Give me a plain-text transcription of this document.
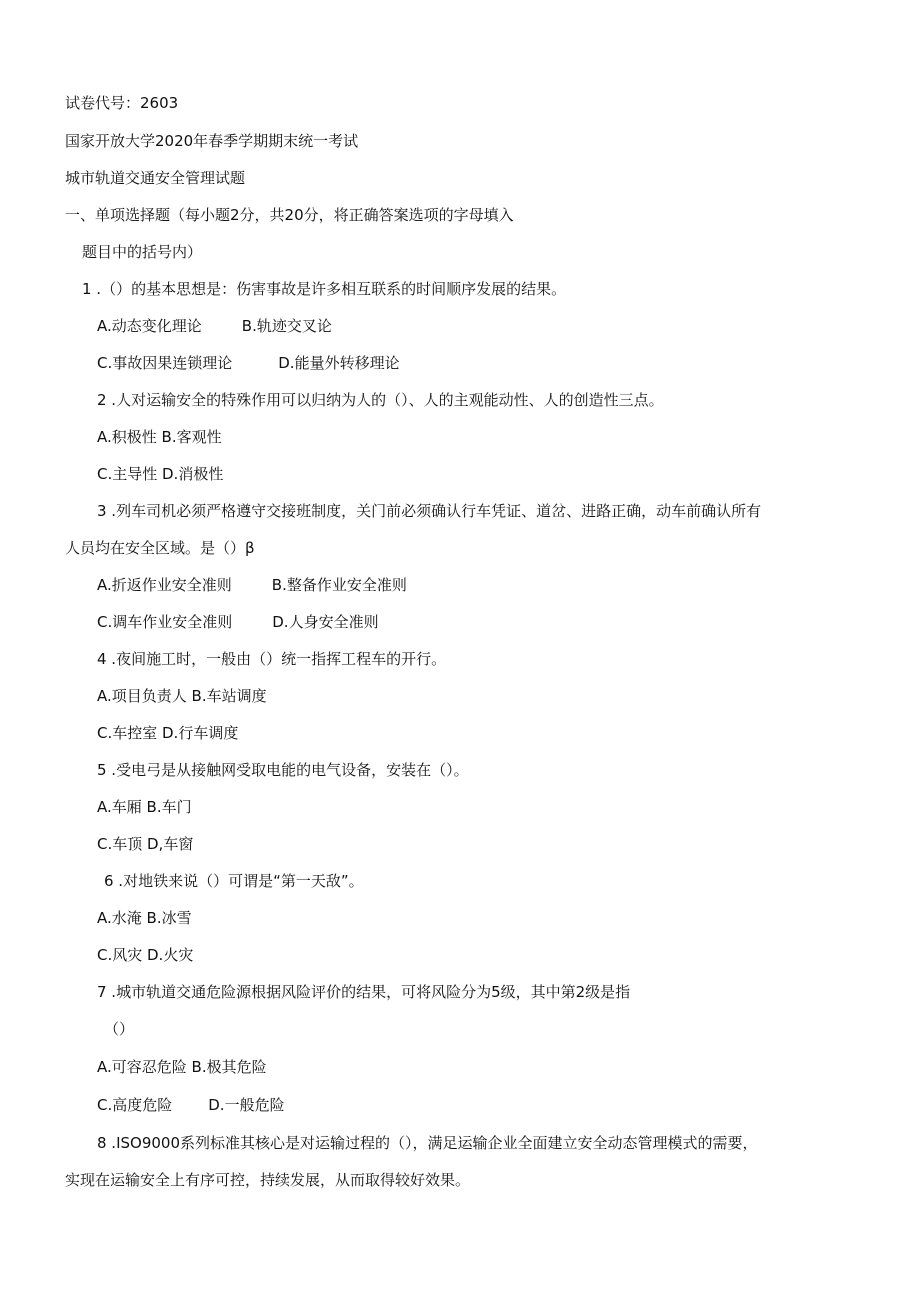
试卷代号：2603
国家开放大学2020年春季学期期末统一考试
城市轨道交通安全管理试题
一、单项选择题（每小题2分，共20分，将正确答案选项的字母填入
题目中的括号内）
1 .（）的基本思想是：伤害事故是许多相互联系的时间顺序发展的结果。
A.动态变化理论	B.轨迹交叉论
C.事故因果连锁理论	D.能量外转移理论
2 .人对运输安全的特殊作用可以归纳为人的（）、人的主观能动性、人的创造性三点。
A.积极性 B.客观性
C.主导性 D.消极性
3 .列车司机必须严格遵守交接班制度，关门前必须确认行车凭证、道岔、进路正确，动车前确认所有
人员均在安全区域。是（）β
A.折返作业安全准则	B.整备作业安全准则
C.调车作业安全准则	D.人身安全准则
4 .夜间施工时，一般由（）统一指挥工程车的开行。
A.项目负责人 B.车站调度
C.车控室 D.行车调度
5 .受电弓是从接触网受取电能的电气设备，安装在（）。
A.车厢 B.车门
C.车顶 D,车窗
6 .对地铁来说（）可谓是“第一天敌”。
A.水淹 B.冰雪
C.风灾 D.火灾
7 .城市轨道交通危险源根据风险评价的结果，可将风险分为5级，其中第2级是指
（）
A.可容忍危险 B.极其危险
C.高度危险 D.一般危险
8 .ISO9000系列标准其核心是对运输过程的（），满足运输企业全面建立安全动态管理模式的需要，
实现在运输安全上有序可控，持续发展，从而取得较好效果。
